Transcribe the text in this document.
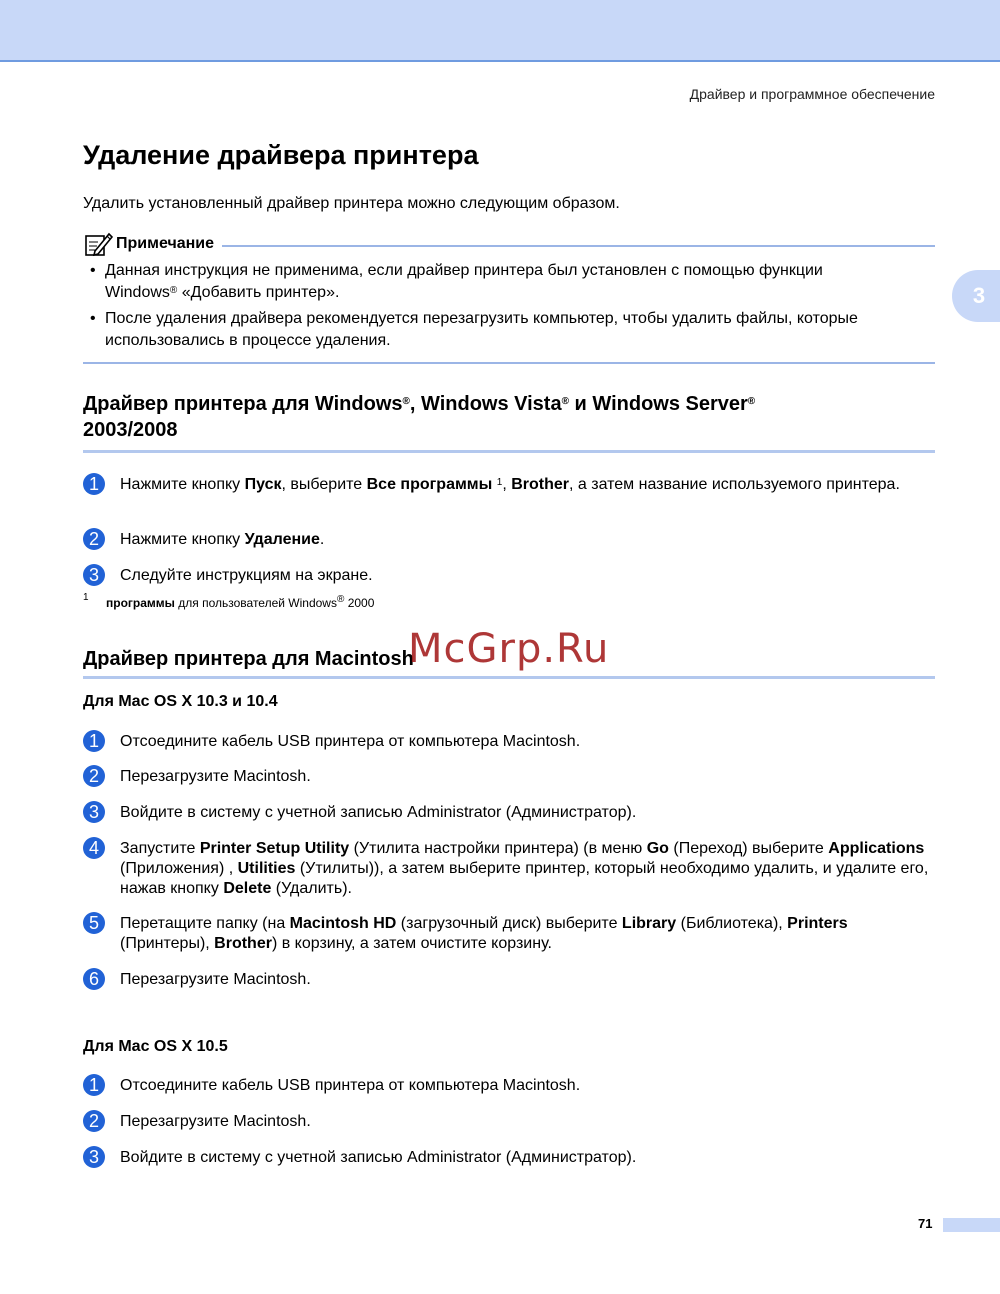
Драйвер и программное обеспечение
3
Удаление драйвера принтера

Удалить установленный драйвер принтера можно следующим образом.

Примечание
• Данная инструкция не применима, если драйвер принтера был установлен с помощью функции
Windows® «Добавить принтер».
• После удаления драйвера рекомендуется перезагрузить компьютер, чтобы удалить файлы, которые использовались в процессе удаления.
Драйвер принтера для Windows®, Windows Vista® и Windows Server®
2003/2008
1	Нажмите кнопку Пуск, выберите Все программы $^1$, Brother, а затем название используемого принтера.
2	Нажмите кнопку Удаление.
3	Следуйте инструкциям на экране.
1 программы для пользователей Windows® 2000
Драйвер принтера для Macintosh
Для Mac OS X 10.3 и 10.4
1	Отсоедините кабель USB принтера от компьютера Macintosh.
2	Перезагрузите Macintosh.
3	Войдите в систему с учетной записью Administrator (Администратор).
4	Запустите Printer Setup Utility (Утилита настройки принтера) (в меню Go (Переход) выберите Applications (Приложения) , Utilities (Утилиты)), а затем выберите принтер, который необходимо удалить, и удалите его, нажав кнопку Delete (Удалить).
5	Перетащите папку (на Macintosh HD (загрузочный диск) выберите Library (Библиотека), Printers (Принтеры), Brother) в корзину, а затем очистите корзину.
6	Перезагрузите Macintosh.
Для Mac OS X 10.5
1	Отсоедините кабель USB принтера от компьютера Macintosh.
2	Перезагрузите Macintosh.
3	Войдите в систему с учетной записью Administrator (Администратор).
McGrp.Ru
71
